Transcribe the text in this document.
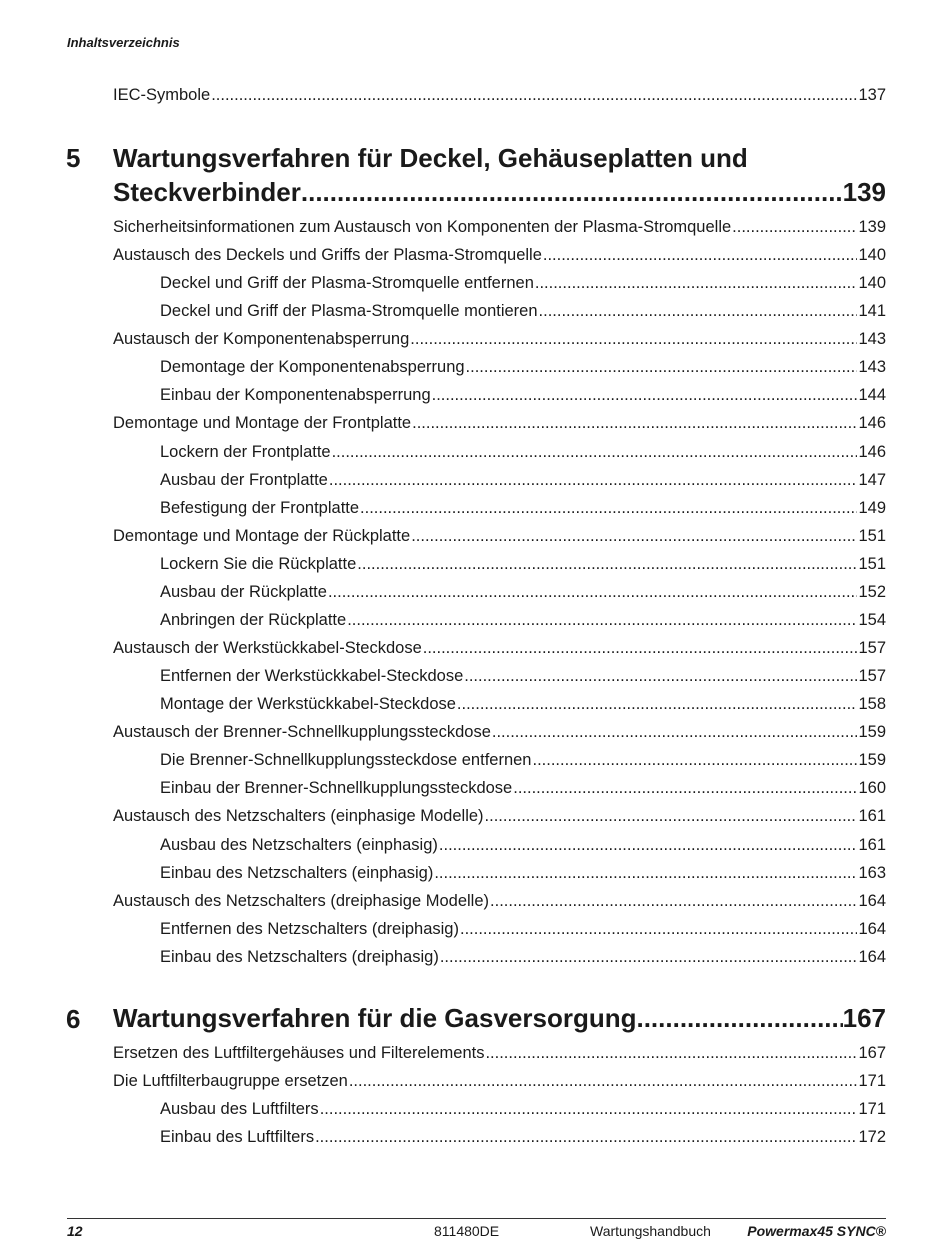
Inhaltsverzeichnis
IEC-Symbole .....	137
5 Wartungsverfahren für Deckel, Gehäuseplatten und
Steckverbinder .....	139
Sicherheitsinformationen zum Austausch von Komponenten der Plasma-Stromquelle .....	139
Austausch des Deckels und Griffs der Plasma-Stromquelle .....	140
Deckel und Griff der Plasma-Stromquelle entfernen .....	140
Deckel und Griff der Plasma-Stromquelle montieren .....	141
Austausch der Komponentenabsperrung .....	143
Demontage der Komponentenabsperrung .....	143
Einbau der Komponentenabsperrung .....	144
Demontage und Montage der Frontplatte .....	146
Lockern der Frontplatte .....	146
Ausbau der Frontplatte .....	147
Befestigung der Frontplatte .....	149
Demontage und Montage der Rückplatte .....	151
Lockern Sie die Rückplatte .....	151
Ausbau der Rückplatte .....	152
Anbringen der Rückplatte .....	154
Austausch der Werkstückkabel-Steckdose .....	157
Entfernen der Werkstückkabel-Steckdose .....	157
Montage der Werkstückkabel-Steckdose .....	158
Austausch der Brenner-Schnellkupplungssteckdose .....	159
Die Brenner-Schnellkupplungssteckdose entfernen .....	159
Einbau der Brenner-Schnellkupplungssteckdose .....	160
Austausch des Netzschalters (einphasige Modelle) .....	161
Ausbau des Netzschalters (einphasig) .....	161
Einbau des Netzschalters (einphasig) .....	163
Austausch des Netzschalters (dreiphasige Modelle) .....	164
Entfernen des Netzschalters (dreiphasig) .....	164
Einbau des Netzschalters (dreiphasig) .....	164
6 Wartungsverfahren für die Gasversorgung .....	167
Ersetzen des Luftfiltergehäuses und Filterelements .....	167
Die Luftfilterbaugruppe ersetzen .....	171
Ausbau des Luftfilters .....	171
Einbau des Luftfilters .....	172
12	811480DE	Wartungshandbuch	Powermax45 SYNC®
